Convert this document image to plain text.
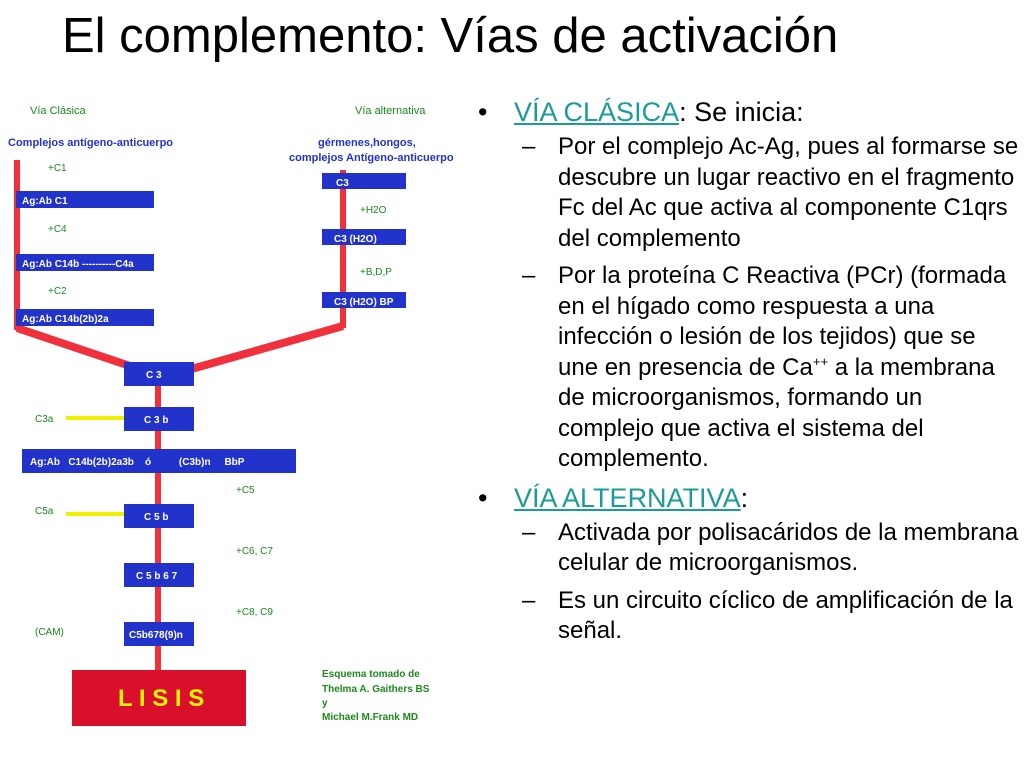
El complemento: Vías de activación
Vía Clásica	Vía alternativa
Complejos antígeno-anticuerpo	gérmenes,hongos,
complejos Antígeno-anticuerpo
+C1
Ag:Ab C1
+C4
Ag:Ab C14b ----------C4a
+C2
Ag:Ab C14b(2b)2a
C3
+H2O
C3 (H2O)
+B,D,P
C3 (H2O) BP
C 3
C3a	C 3 b
Ag:Ab   C14b(2b)2a3b    ó          (C3b)n     BbP
+C5
C5a
C 5 b
+C6, C7
C 5 b 6 7
+C8, C9
(CAM)	C5b678(9)n
L I S I S
Esquema tomado de
Thelma A. Gaithers BS
y
Michael M.Frank MD
• VÍA CLÁSICA: Se inicia:
– Por el complejo Ac-Ag, pues al formarse se descubre un lugar reactivo en el fragmento Fc del Ac que activa al componente C1qrs del complemento
– Por la proteína C Reactiva (PCr) (formada en el hígado como respuesta a una infección o lesión de los tejidos) que se une en presencia de Ca++ a la membrana de microorganismos, formando un complejo que activa el sistema del complemento.
• VÍA ALTERNATIVA:
– Activada por polisacáridos de la membrana celular de microorganismos.
– Es un circuito cíclico de amplificación de la señal.
